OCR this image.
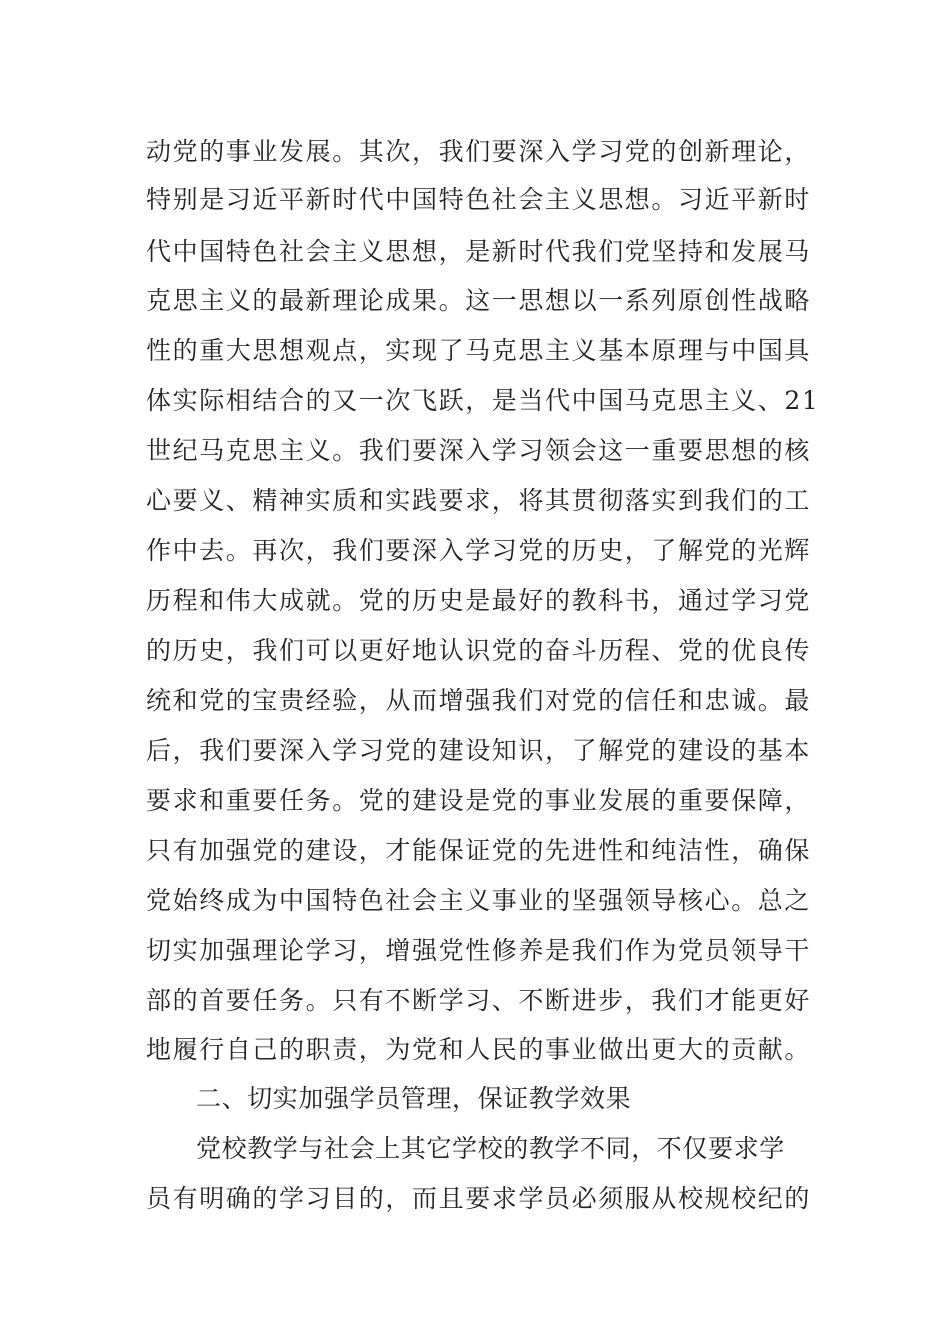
动党的事业发展。其次，我们要深入学习党的创新理论，
特别是习近平新时代中国特色社会主义思想。习近平新时
代中国特色社会主义思想，是新时代我们党坚持和发展马
克思主义的最新理论成果。这一思想以一系列原创性战略
性的重大思想观点，实现了马克思主义基本原理与中国具
体实际相结合的又一次飞跃，是当代中国马克思主义、21
世纪马克思主义。我们要深入学习领会这一重要思想的核
心要义、精神实质和实践要求，将其贯彻落实到我们的工
作中去。再次，我们要深入学习党的历史，了解党的光辉
历程和伟大成就。党的历史是最好的教科书，通过学习党
的历史，我们可以更好地认识党的奋斗历程、党的优良传
统和党的宝贵经验，从而增强我们对党的信任和忠诚。最
后，我们要深入学习党的建设知识，了解党的建设的基本
要求和重要任务。党的建设是党的事业发展的重要保障，
只有加强党的建设，才能保证党的先进性和纯洁性，确保
党始终成为中国特色社会主义事业的坚强领导核心。总之
切实加强理论学习，增强党性修养是我们作为党员领导干
部的首要任务。只有不断学习、不断进步，我们才能更好
地履行自己的职责，为党和人民的事业做出更大的贡献。
二、切实加强学员管理，保证教学效果
党校教学与社会上其它学校的教学不同，不仅要求学
员有明确的学习目的，而且要求学员必须服从校规校纪的
